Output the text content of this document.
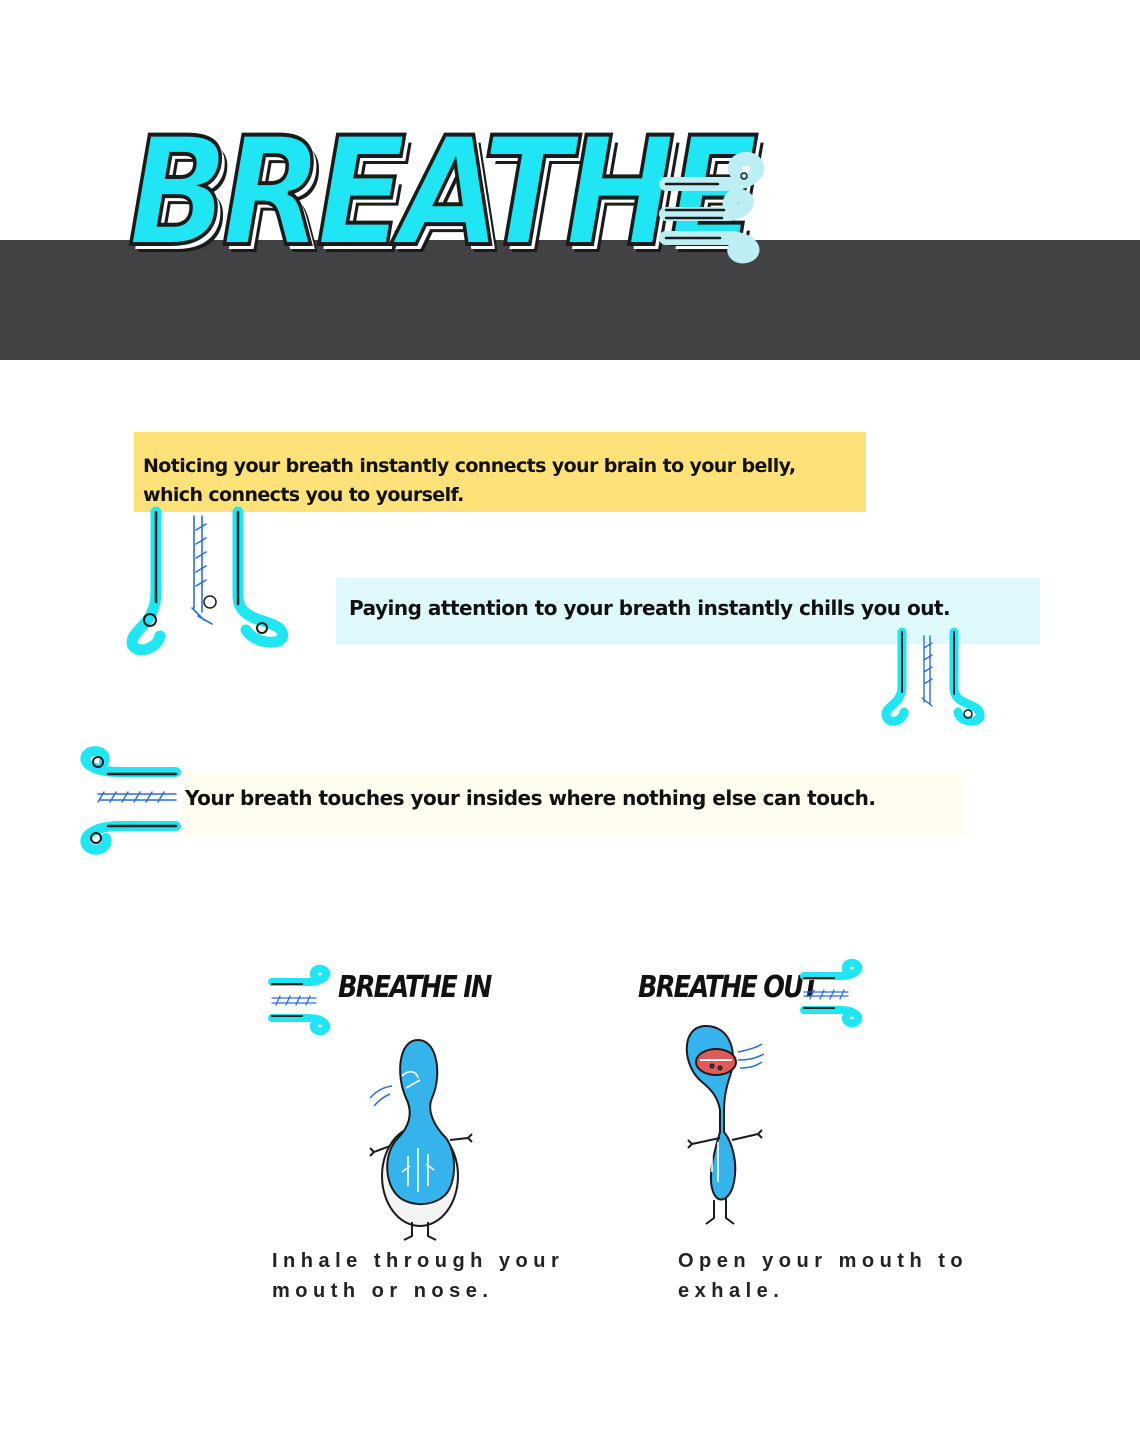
BREATHE
Noticing your breath instantly connects your brain to your belly, which connects you to yourself.
Paying attention to your breath instantly chills you out.
Your breath touches your insides where nothing else can touch.
BREATHE IN

Inhale through your mouth or nose.

BREATHE OUT

Open your mouth to exhale.
